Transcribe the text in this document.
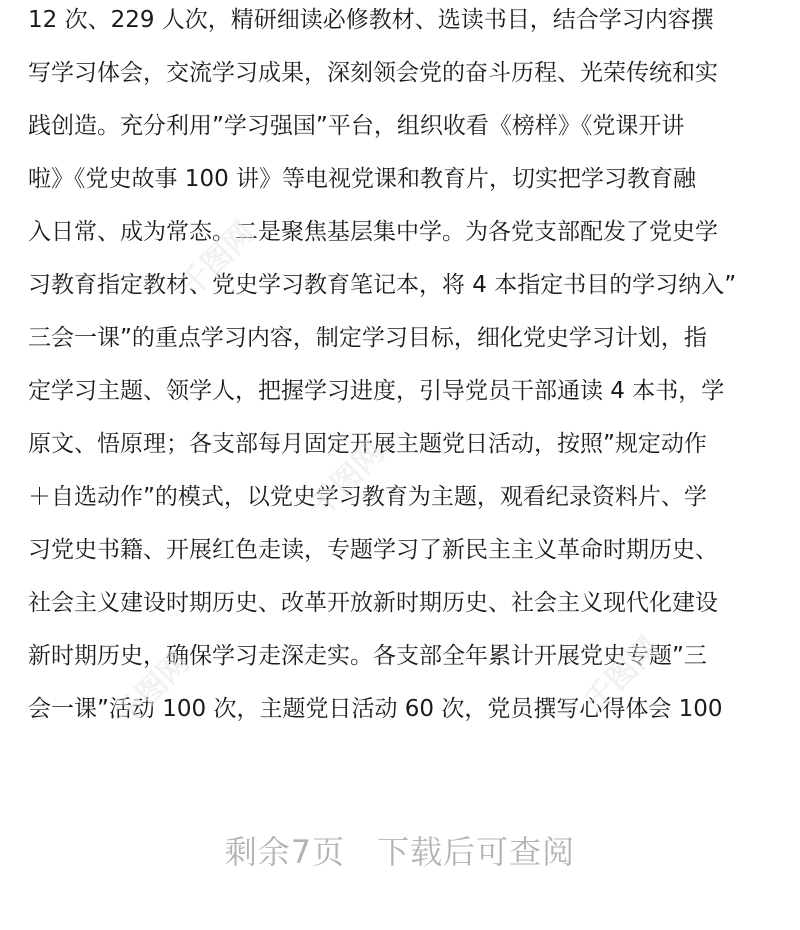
12 次、229 人次，精研细读必修教材、选读书目，结合学习内容撰
写学习体会，交流学习成果，深刻领会党的奋斗历程、光荣传统和实
践创造。充分利用”学习强国”平台，组织收看《榜样》《党课开讲
啦》《党史故事 100 讲》等电视党课和教育片，切实把学习教育融
入日常、成为常态。二是聚焦基层集中学。为各党支部配发了党史学
习教育指定教材、党史学习教育笔记本，将 4 本指定书目的学习纳入”
三会一课”的重点学习内容，制定学习目标，细化党史学习计划，指
定学习主题、领学人，把握学习进度，引导党员干部通读 4 本书，学
原文、悟原理；各支部每月固定开展主题党日活动，按照”规定动作
＋自选动作”的模式，以党史学习教育为主题，观看纪录资料片、学
习党史书籍、开展红色走读，专题学习了新民主主义革命时期历史、
社会主义建设时期历史、改革开放新时期历史、社会主义现代化建设
新时期历史，确保学习走深走实。各支部全年累计开展党史专题”三
会一课”活动 100 次，主题党日活动 60 次，党员撰写心得体会 100
千图网
千图网
千图网	千图网
剩余7页 下载后可查阅
